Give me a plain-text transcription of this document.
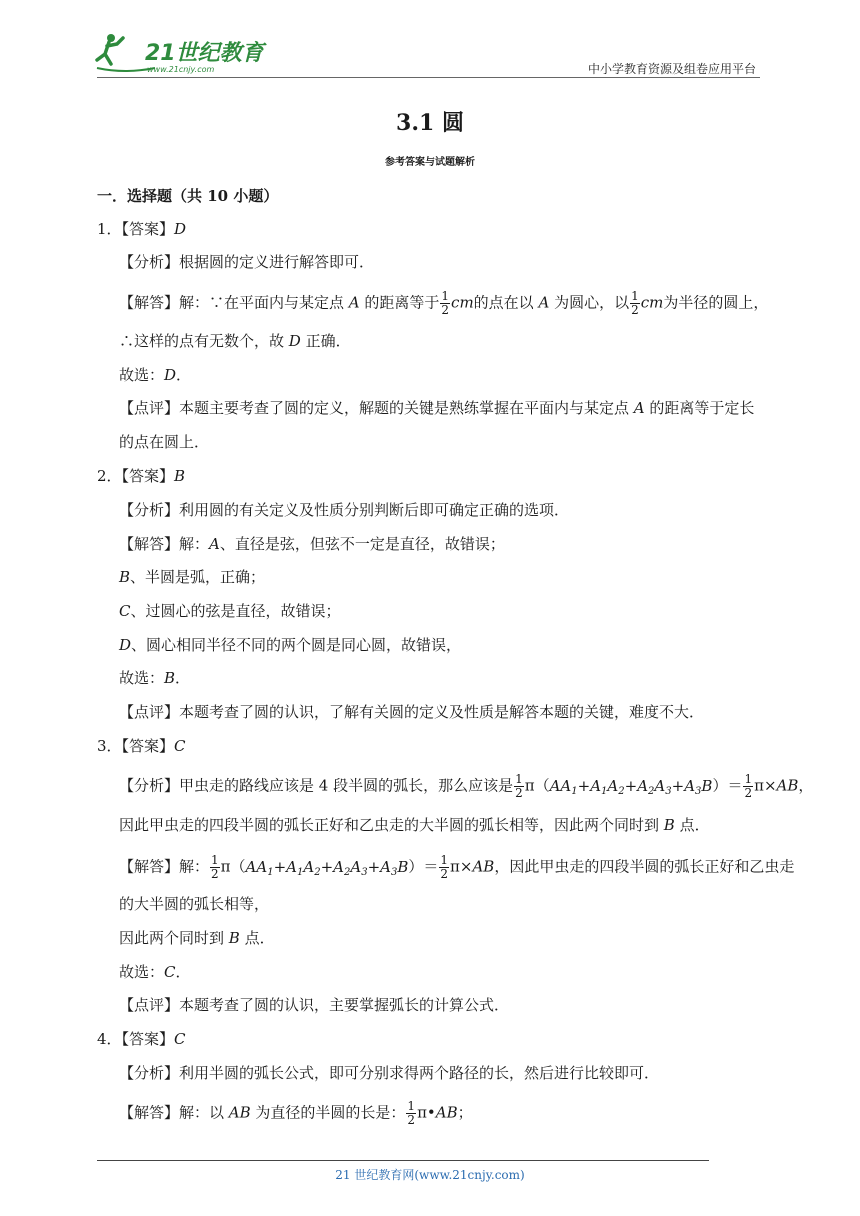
21世纪教育
www.21cnjy.com	中小学教育资源及组卷应用平台
3.1 圆
参考答案与试题解析
一．选择题（共 10 小题）
1．【答案】D
【分析】根据圆的定义进行解答即可．
【解答】解：∵在平面内与某定点 A 的距离等于 $\frac{1}{2}$ cm的点在以 A 为圆心，以 $\frac{1}{2}$ cm为半径的圆上，
∴这样的点有无数个，故 D 正确．
故选：D．
【点评】本题主要考查了圆的定义，解题的关键是熟练掌握在平面内与某定点 A 的距离等于定长
的点在圆上．
2．【答案】B
【分析】利用圆的有关定义及性质分别判断后即可确定正确的选项．
【解答】解：A、直径是弦，但弦不一定是直径，故错误；
B、半圆是弧，正确；
C、过圆心的弦是直径，故错误；
D、圆心相同半径不同的两个圆是同心圆，故错误，
故选：B．
【点评】本题考查了圆的认识，了解有关圆的定义及性质是解答本题的关键，难度不大．
3．【答案】C
【分析】甲虫走的路线应该是 4 段半圆的弧长，那么应该是 $\frac{1}{2} \pi(AA_1+A_1A_2+A_2A_3+A_3B)= \frac{1}{2} \pi\times AB$，
因此甲虫走的四段半圆的弧长正好和乙虫走的大半圆的弧长相等，因此两个同时到 B 点．
【解答】解： $\frac{1}{2} \pi(AA_1+A_1A_2+A_2A_3+A_3B)= \frac{1}{2} \pi\times AB$，因此甲虫走的四段半圆的弧长正好和乙虫走
的大半圆的弧长相等，
因此两个同时到 B 点．
故选：C．
【点评】本题考查了圆的认识，主要掌握弧长的计算公式．
4．【答案】C
【分析】利用半圆的弧长公式，即可分别求得两个路径的长，然后进行比较即可．
【解答】解：以 AB 为直径的半圆的长是： $\frac{1}{2}$ π•AB；
21 世纪教育网(www.21cnjy.com)
